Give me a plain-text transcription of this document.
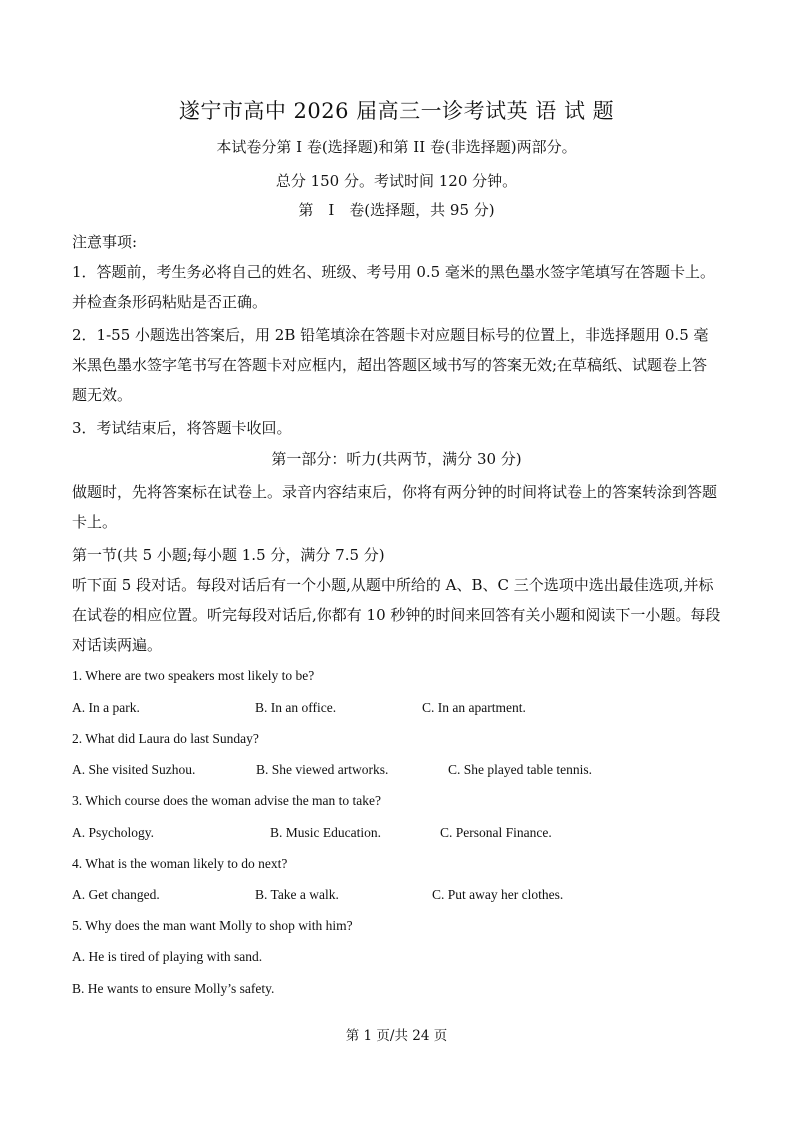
遂宁市高中 2026 届高三一诊考试英 语 试 题
本试卷分第 I 卷(选择题)和第 II 卷(非选择题)两部分。
总分 150 分。考试时间 120 分钟。
第　Ⅰ　卷(选择题，共 95 分)
注意事项:
1．答题前，考生务必将自己的姓名、班级、考号用 0.5 毫米的黑色墨水签字笔填写在答题卡上。并检查条形码粘贴是否正确。
2．1-55 小题选出答案后，用 2B 铅笔填涂在答题卡对应题目标号的位置上，非选择题用 0.5 毫米黑色墨水签字笔书写在答题卡对应框内，超出答题区域书写的答案无效;在草稿纸、试题卷上答题无效。
3．考试结束后，将答题卡收回。
第一部分：听力(共两节，满分 30 分)
做题时，先将答案标在试卷上。录音内容结束后，你将有两分钟的时间将试卷上的答案转涂到答题卡上。
第一节(共 5 小题;每小题 1.5 分，满分 7.5 分)
听下面 5 段对话。每段对话后有一个小题,从题中所给的 A、B、C 三个选项中选出最佳选项,并标在试卷的相应位置。听完每段对话后,你都有 10 秒钟的时间来回答有关小题和阅读下一小题。每段对话读两遍。
1. Where are two speakers most likely to be?
A. In a park.	B. In an office.	C. In an apartment.
2. What did Laura do last Sunday?
A. She visited Suzhou.	B. She viewed artworks.	C. She played table tennis.
3. Which course does the woman advise the man to take?
A. Psychology.	B. Music Education.	C. Personal Finance.
4. What is the woman likely to do next?
A. Get changed.	B. Take a walk.	C. Put away her clothes.
5. Why does the man want Molly to shop with him?
A. He is tired of playing with sand.
B. He wants to ensure Molly’s safety.
第 1 页/共 24 页
